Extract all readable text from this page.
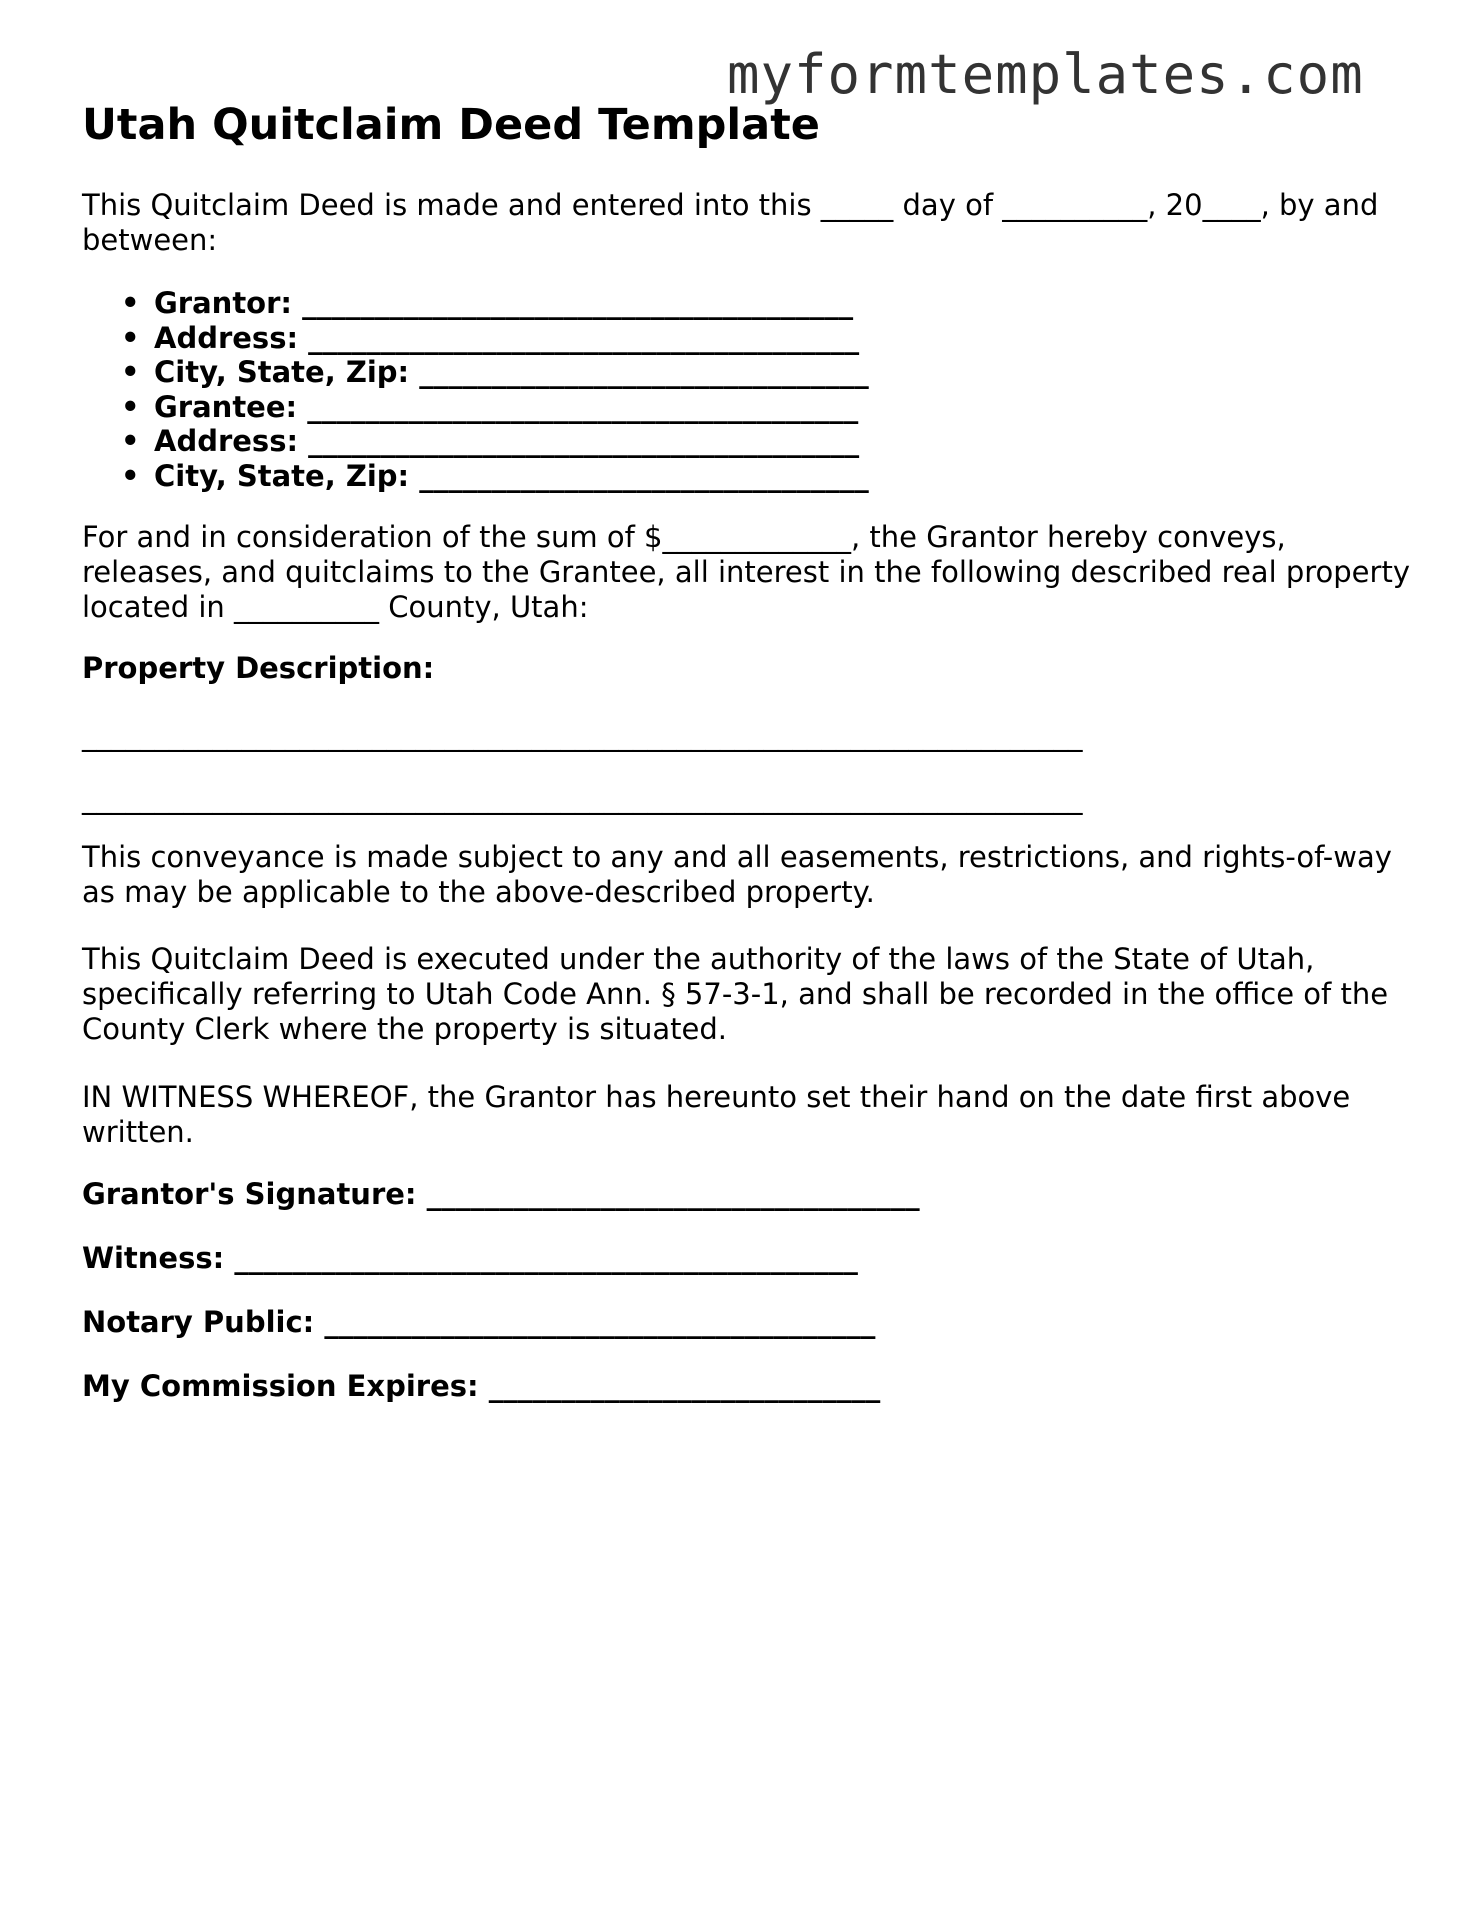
myformtemplates.com
Utah Quitclaim Deed Template

This Quitclaim Deed is made and entered into this _____ day of __________, 20____, by and between:

• Grantor: ______________________________________
• Address: ______________________________________
• City, State, Zip: _______________________________
• Grantee: ______________________________________
• Address: ______________________________________
• City, State, Zip: _______________________________

For and in consideration of the sum of $_____________, the Grantor hereby conveys, releases, and quitclaims to the Grantee, all interest in the following described real property located in __________ County, Utah:

Property Description:

_____________________________________________________________________

_____________________________________________________________________

This conveyance is made subject to any and all easements, restrictions, and rights-of-way as may be applicable to the above-described property.

This Quitclaim Deed is executed under the authority of the laws of the State of Utah, specifically referring to Utah Code Ann. § 57-3-1, and shall be recorded in the office of the County Clerk where the property is situated.

IN WITNESS WHEREOF, the Grantor has hereunto set their hand on the date first above written.

Grantor's Signature: __________________________________

Witness: ___________________________________________

Notary Public: ______________________________________

My Commission Expires: ___________________________
